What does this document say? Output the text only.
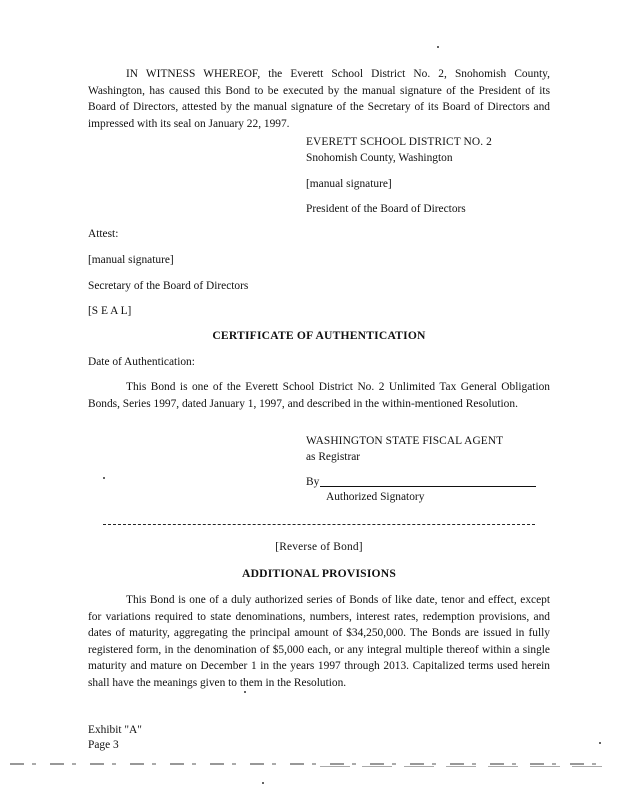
IN WITNESS WHEREOF, the Everett School District No. 2, Snohomish County, Washington, has caused this Bond to be executed by the manual signature of the President of its Board of Directors, attested by the manual signature of the Secretary of its Board of Directors and impressed with its seal on January 22, 1997.

EVERETT SCHOOL DISTRICT NO. 2
Snohomish County, Washington
[manual signature]
President of the Board of Directors
Attest:
[manual signature]
Secretary of the Board of Directors
[S E A L]
CERTIFICATE OF AUTHENTICATION
Date of Authentication:

This Bond is one of the Everett School District No. 2 Unlimited Tax General Obligation Bonds, Series 1997, dated January 1, 1997, and described in the within-mentioned Resolution.

WASHINGTON STATE FISCAL AGENT
as Registrar
By
Authorized Signatory
[Reverse of Bond]
ADDITIONAL PROVISIONS

This Bond is one of a duly authorized series of Bonds of like date, tenor and effect, except for variations required to state denominations, numbers, interest rates, redemption provisions, and dates of maturity, aggregating the principal amount of $34,250,000. The Bonds are issued in fully registered form, in the denomination of $5,000 each, or any integral multiple thereof within a single maturity and mature on December 1 in the years 1997 through 2013. Capitalized terms used herein shall have the meanings given to them in the Resolution.

Exhibit "A"
Page 3
